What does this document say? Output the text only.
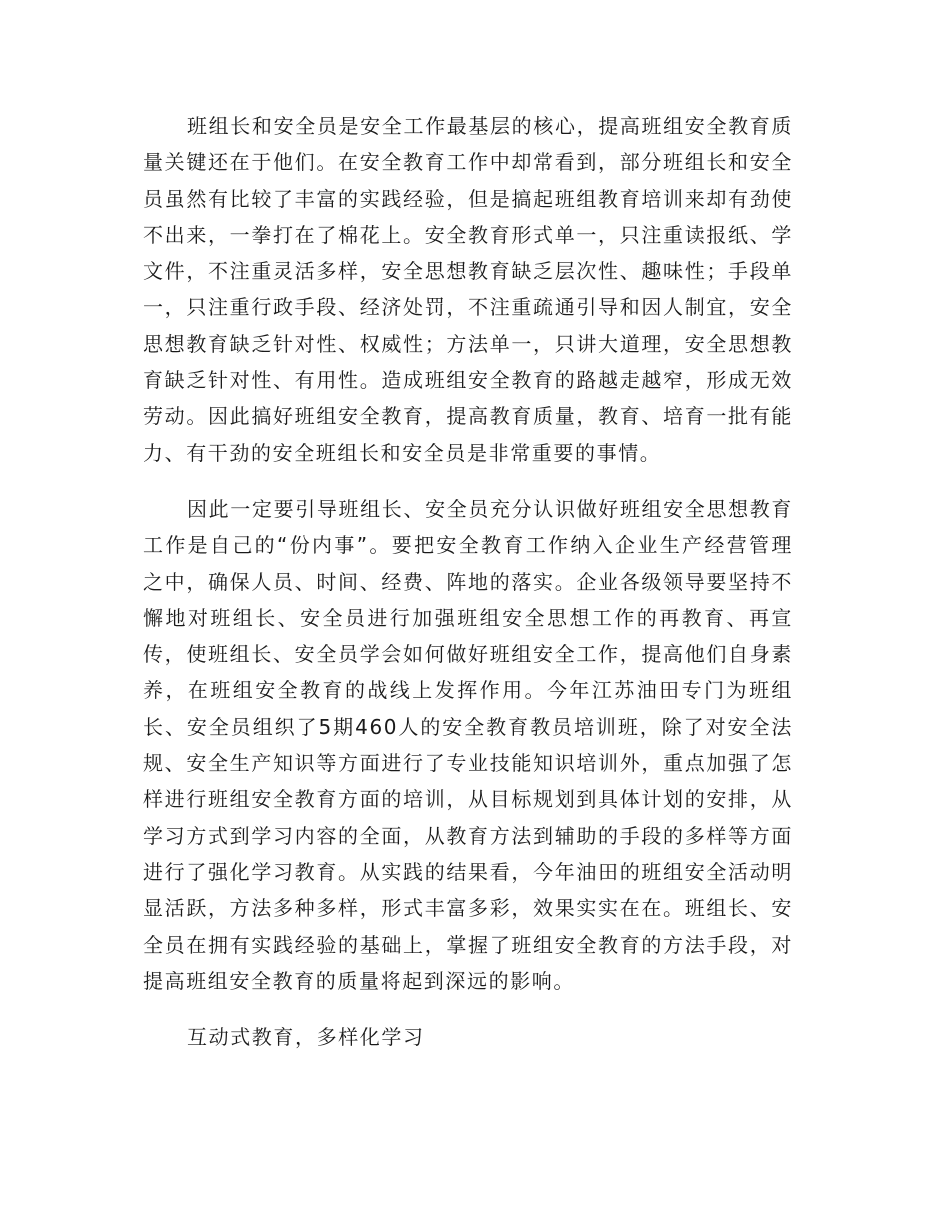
班组长和安全员是安全工作最基层的核心，提高班组安全教育质量关键还在于他们。在安全教育工作中却常看到，部分班组长和安全员虽然有比较了丰富的实践经验，但是搞起班组教育培训来却有劲使不出来，一拳打在了棉花上。安全教育形式单一，只注重读报纸、学文件，不注重灵活多样，安全思想教育缺乏层次性、趣味性；手段单一，只注重行政手段、经济处罚，不注重疏通引导和因人制宜，安全思想教育缺乏针对性、权威性；方法单一，只讲大道理，安全思想教育缺乏针对性、有用性。造成班组安全教育的路越走越窄，形成无效劳动。因此搞好班组安全教育，提高教育质量，教育、培育一批有能力、有干劲的安全班组长和安全员是非常重要的事情。

因此一定要引导班组长、安全员充分认识做好班组安全思想教育工作是自己的“份内事”。要把安全教育工作纳入企业生产经营管理之中，确保人员、时间、经费、阵地的落实。企业各级领导要坚持不懈地对班组长、安全员进行加强班组安全思想工作的再教育、再宣传，使班组长、安全员学会如何做好班组安全工作，提高他们自身素养，在班组安全教育的战线上发挥作用。今年江苏油田专门为班组长、安全员组织了5期460人的安全教育教员培训班，除了对安全法规、安全生产知识等方面进行了专业技能知识培训外，重点加强了怎样进行班组安全教育方面的培训，从目标规划到具体计划的安排，从学习方式到学习内容的全面，从教育方法到辅助的手段的多样等方面进行了强化学习教育。从实践的结果看，今年油田的班组安全活动明显活跃，方法多种多样，形式丰富多彩，效果实实在在。班组长、安全员在拥有实践经验的基础上，掌握了班组安全教育的方法手段，对提高班组安全教育的质量将起到深远的影响。

互动式教育，多样化学习
